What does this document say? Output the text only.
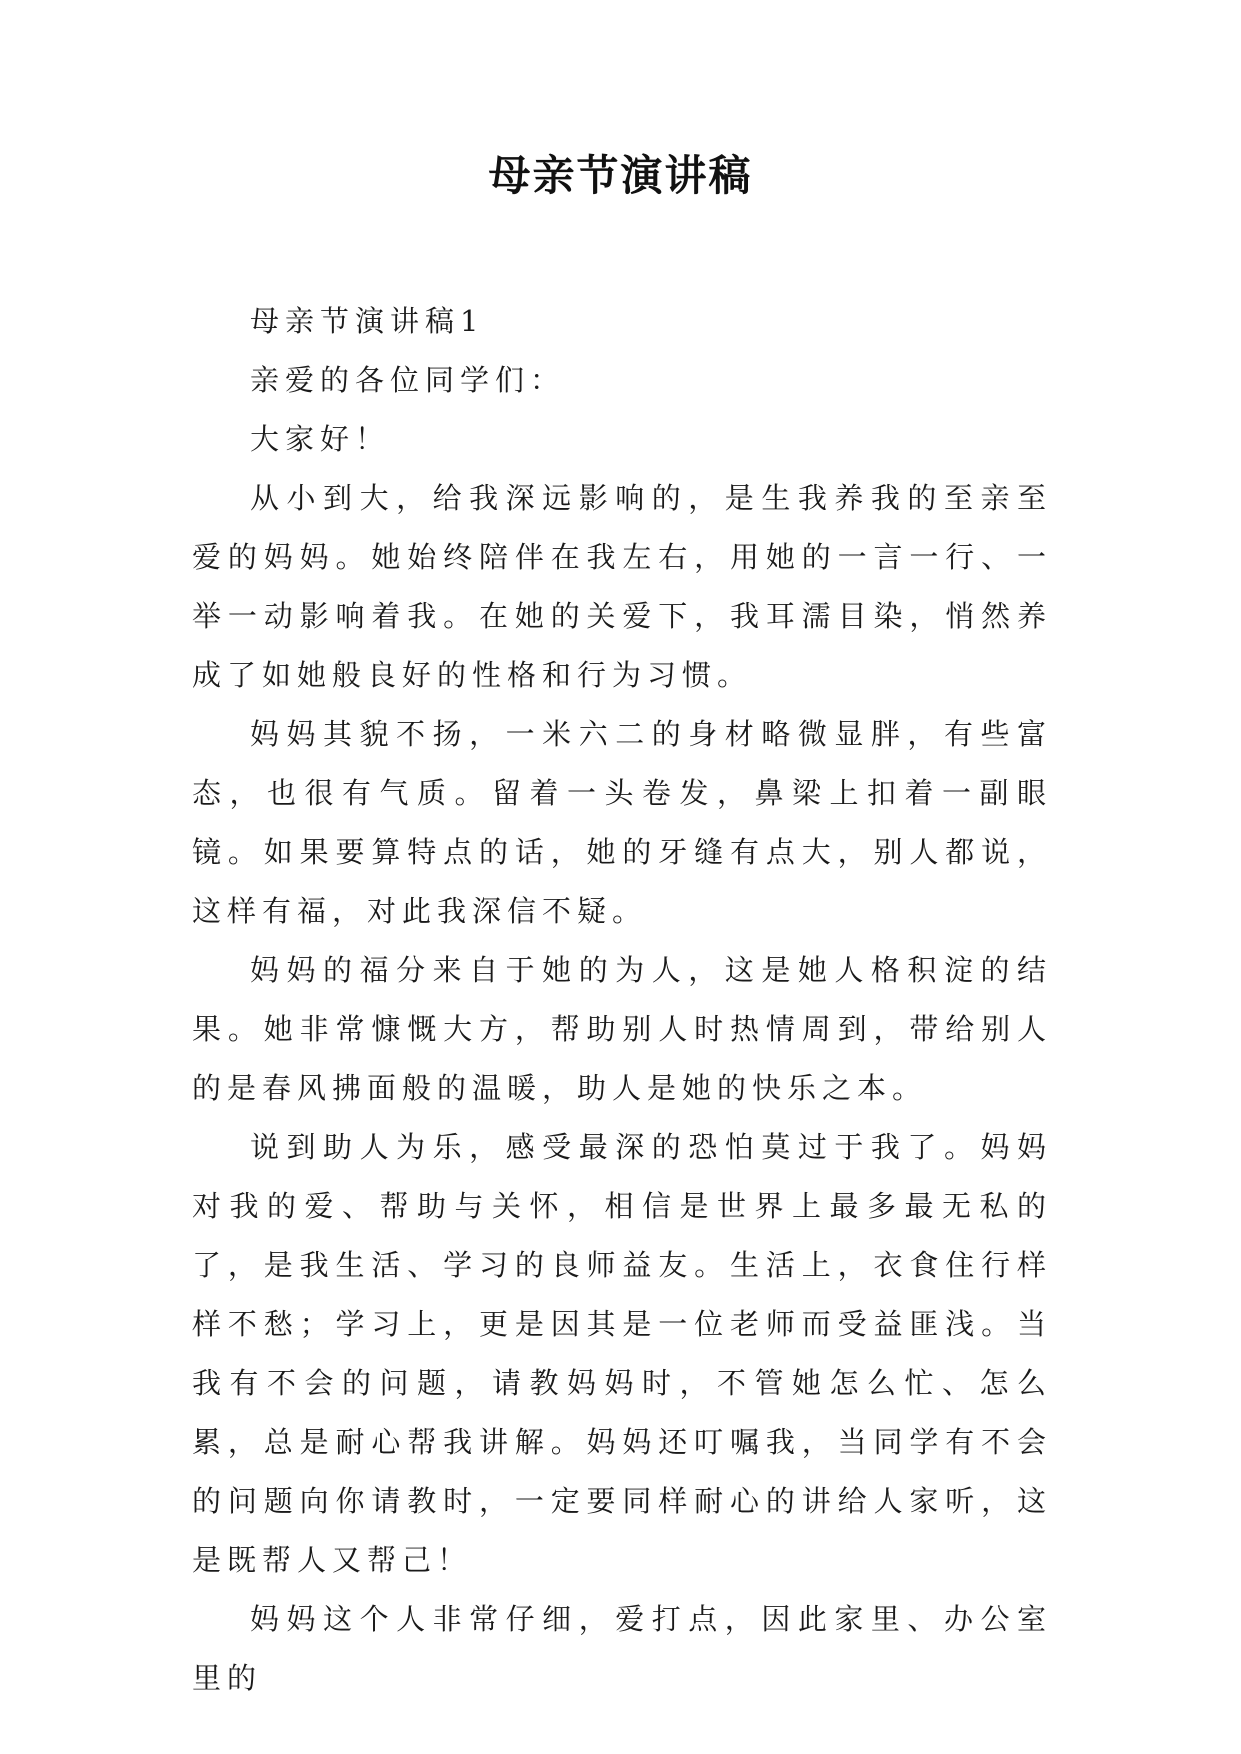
母亲节演讲稿

母亲节演讲稿1

亲爱的各位同学们：

大家好！

从小到大，给我深远影响的，是生我养我的至亲至爱的妈妈。她始终陪伴在我左右，用她的一言一行、一举一动影响着我。在她的关爱下，我耳濡目染，悄然养成了如她般良好的性格和行为习惯。

妈妈其貌不扬，一米六二的身材略微显胖，有些富态，也很有气质。留着一头卷发，鼻梁上扣着一副眼镜。如果要算特点的话，她的牙缝有点大，别人都说，这样有福，对此我深信不疑。

妈妈的福分来自于她的为人，这是她人格积淀的结果。她非常慷慨大方，帮助别人时热情周到，带给别人的是春风拂面般的温暖，助人是她的快乐之本。

说到助人为乐，感受最深的恐怕莫过于我了。妈妈对我的爱、帮助与关怀，相信是世界上最多最无私的了，是我生活、学习的良师益友。生活上，衣食住行样样不愁；学习上，更是因其是一位老师而受益匪浅。当我有不会的问题，请教妈妈时，不管她怎么忙、怎么累，总是耐心帮我讲解。妈妈还叮嘱我，当同学有不会的问题向你请教时，一定要同样耐心的讲给人家听，这是既帮人又帮己！

妈妈这个人非常仔细，爱打点，因此家里、办公室里的
